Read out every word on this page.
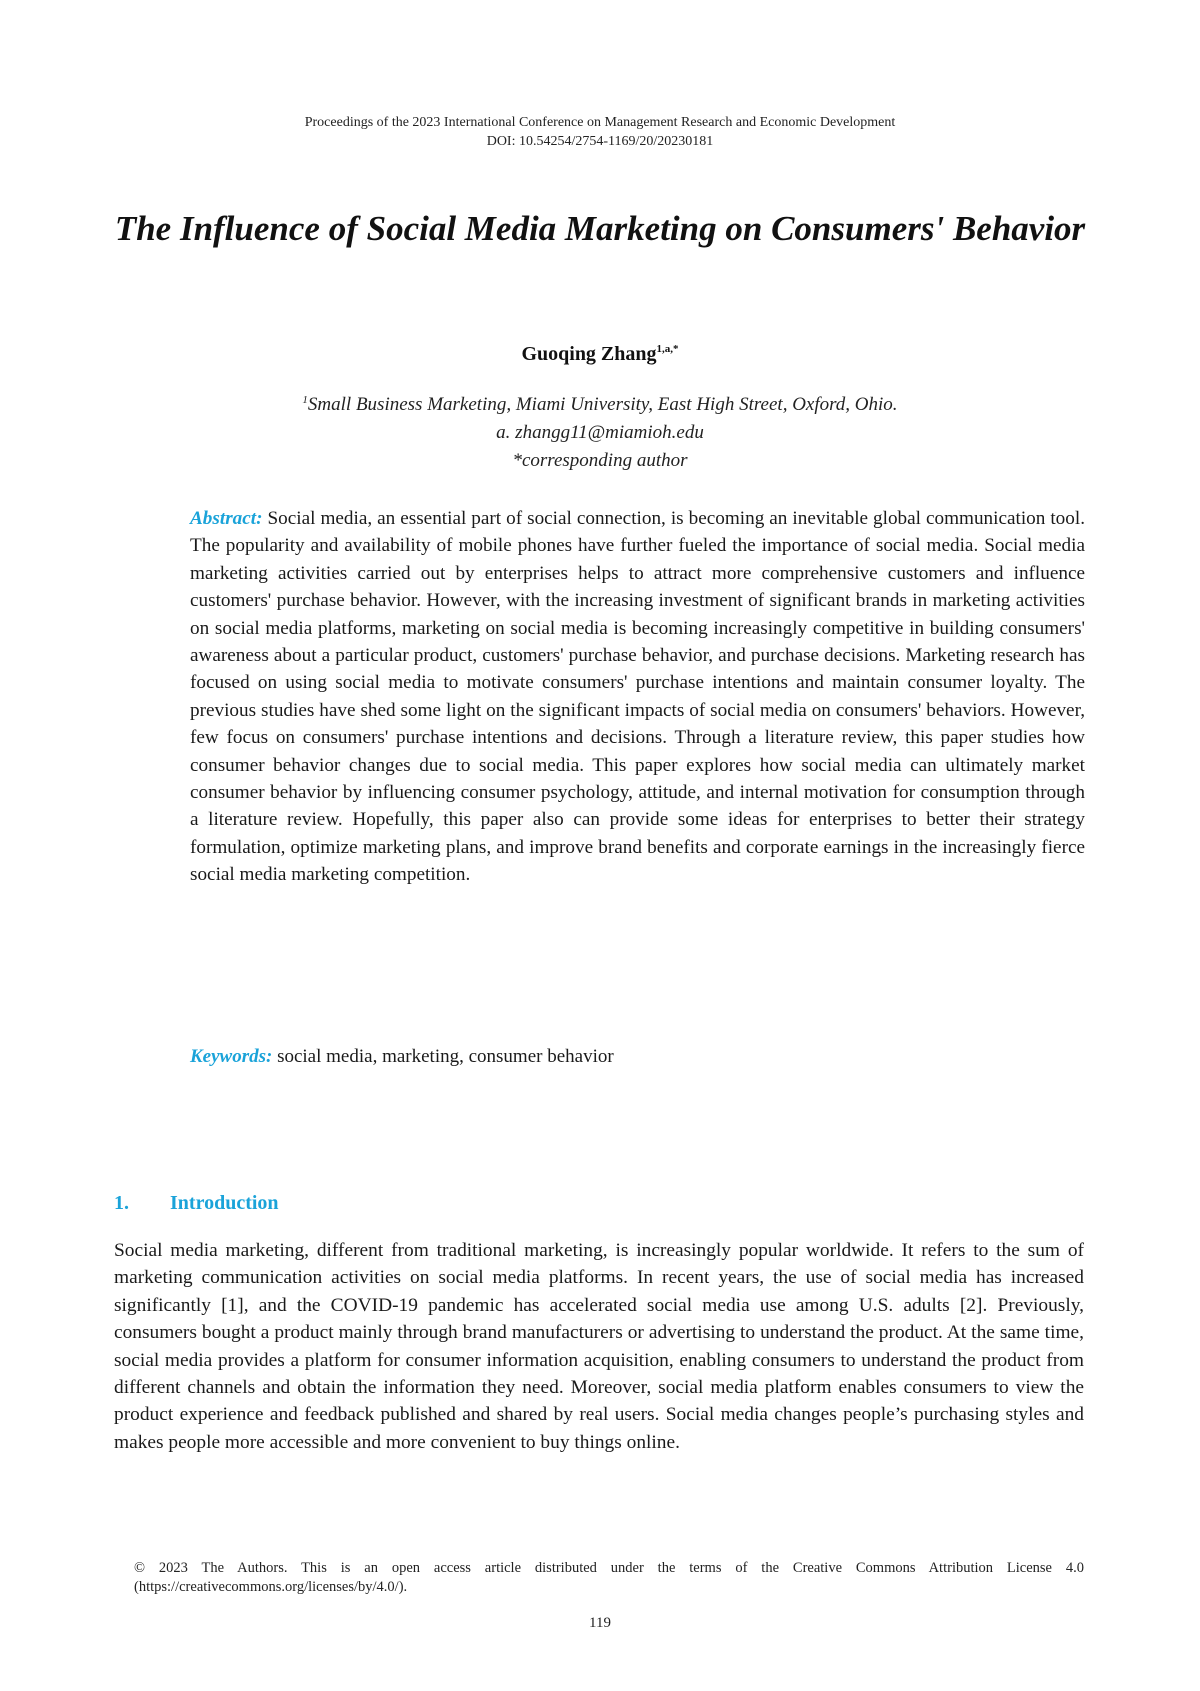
Proceedings of the 2023 International Conference on Management Research and Economic Development
DOI: 10.54254/2754-1169/20/20230181
The Influence of Social Media Marketing on Consumers' Behavior
Guoqing Zhang$^{1,a,*}$
$^1$Small Business Marketing, Miami University, East High Street, Oxford, Ohio.
a. zhangg11@miamioh.edu
*corresponding author
Abstract: Social media, an essential part of social connection, is becoming an inevitable global communication tool. The popularity and availability of mobile phones have further fueled the importance of social media. Social media marketing activities carried out by enterprises helps to attract more comprehensive customers and influence customers' purchase behavior. However, with the increasing investment of significant brands in marketing activities on social media platforms, marketing on social media is becoming increasingly competitive in building consumers' awareness about a particular product, customers' purchase behavior, and purchase decisions. Marketing research has focused on using social media to motivate consumers' purchase intentions and maintain consumer loyalty. The previous studies have shed some light on the significant impacts of social media on consumers' behaviors. However, few focus on consumers' purchase intentions and decisions. Through a literature review, this paper studies how consumer behavior changes due to social media. This paper explores how social media can ultimately market consumer behavior by influencing consumer psychology, attitude, and internal motivation for consumption through a literature review. Hopefully, this paper also can provide some ideas for enterprises to better their strategy formulation, optimize marketing plans, and improve brand benefits and corporate earnings in the increasingly fierce social media marketing competition.
Keywords: social media, marketing, consumer behavior
1. Introduction
Social media marketing, different from traditional marketing, is increasingly popular worldwide. It refers to the sum of marketing communication activities on social media platforms. In recent years, the use of social media has increased significantly [1], and the COVID-19 pandemic has accelerated social media use among U.S. adults [2]. Previously, consumers bought a product mainly through brand manufacturers or advertising to understand the product. At the same time, social media provides a platform for consumer information acquisition, enabling consumers to understand the product from different channels and obtain the information they need. Moreover, social media platform enables consumers to view the product experience and feedback published and shared by real users. Social media changes people’s purchasing styles and makes people more accessible and more convenient to buy things online.
© 2023 The Authors. This is an open access article distributed under the terms of the Creative Commons Attribution License 4.0 (https://creativecommons.org/licenses/by/4.0/).
119
